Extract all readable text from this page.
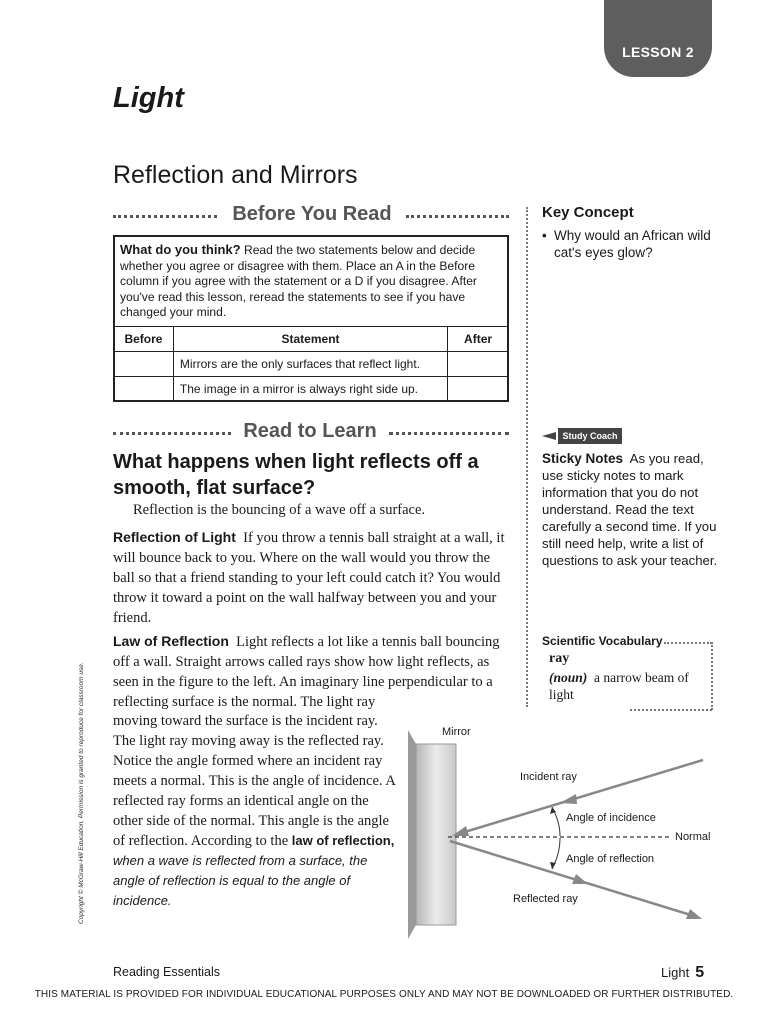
LESSON 2
Light
Reflection and Mirrors
Before You Read
What do you think? Read the two statements below and decide whether you agree or disagree with them. Place an A in the Before column if you agree with the statement or a D if you disagree. After you've read this lesson, reread the statements to see if you have changed your mind.
Before	Statement	After
	Mirrors are the only surfaces that reflect light.	
	The image in a mirror is always right side up.	
Key Concept
• Why would an African wild cat's eyes glow?
Read to Learn
What happens when light reflects off a smooth, flat surface?
Reflection is the bouncing of a wave off a surface.
Reflection of Light If you throw a tennis ball straight at a wall, it will bounce back to you. Where on the wall would you throw the ball so that a friend standing to your left could catch it? You would throw it toward a point on the wall halfway between you and your friend.
Law of Reflection Light reflects a lot like a tennis ball bouncing off a wall. Straight arrows called rays show how light reflects, as seen in the figure to the left. An imaginary line perpendicular to a reflecting surface is the normal. The light ray
moving toward the surface is the incident ray. The light ray moving away is the reflected ray. Notice the angle formed where an incident ray meets a normal. This is the angle of incidence. A reflected ray forms an identical angle on the other side of the normal. This angle is the angle of reflection. According to the law of reflection, when a wave is reflected from a surface, the angle of reflection is equal to the angle of incidence.
Study Coach
Sticky Notes As you read, use sticky notes to mark information that you do not understand. Read the text carefully a second time. If you still need help, write a list of questions to ask your teacher.
Scientific Vocabulary
ray
(noun) a narrow beam of light
Copyright © McGraw-Hill Education. Permission is granted to reproduce for classroom use.	Mirror
Incident ray
Angle of incidence
Normal
Angle of reflection
Reflected ray
Reading Essentials	Light 5
THIS MATERIAL IS PROVIDED FOR INDIVIDUAL EDUCATIONAL PURPOSES ONLY AND MAY NOT BE DOWNLOADED OR FURTHER DISTRIBUTED.
